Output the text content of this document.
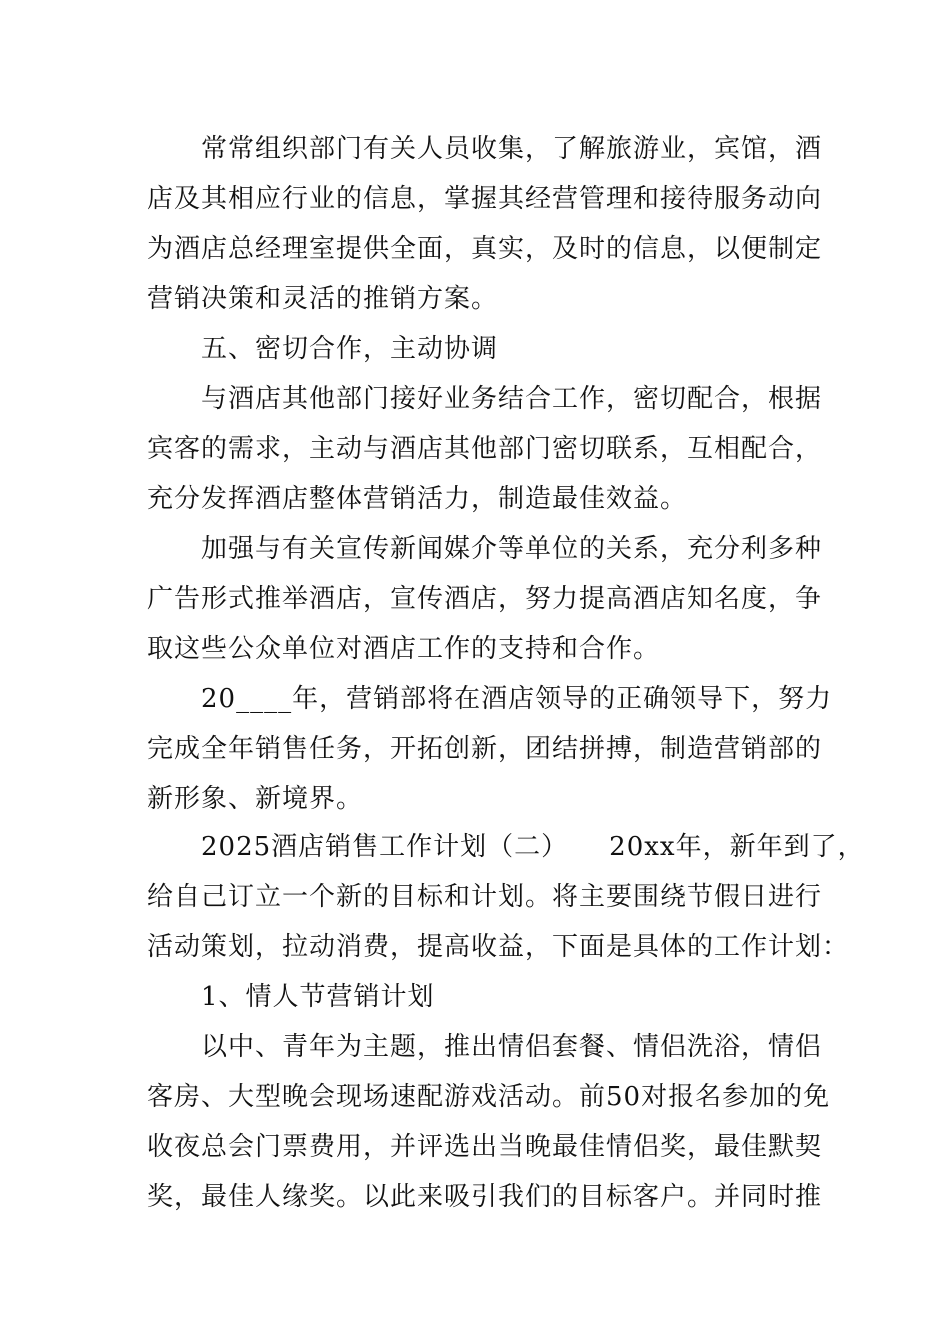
　　常常组织部门有关人员收集，了解旅游业，宾馆，酒
店及其相应行业的信息，掌握其经营管理和接待服务动向
为酒店总经理室提供全面，真实，及时的信息，以便制定
营销决策和灵活的推销方案。
　　五、密切合作，主动协调
　　与酒店其他部门接好业务结合工作，密切配合，根据
宾客的需求，主动与酒店其他部门密切联系，互相配合，
充分发挥酒店整体营销活力，制造最佳效益。
　　加强与有关宣传新闻媒介等单位的关系，充分利多种
广告形式推举酒店，宣传酒店，努力提高酒店知名度，争
取这些公众单位对酒店工作的支持和合作。
　　20____年，营销部将在酒店领导的正确领导下，努力
完成全年销售任务，开拓创新，团结拼搏，制造营销部的
新形象、新境界。
　　2025酒店销售工作计划（二）　　20xx年，新年到了，
给自己订立一个新的目标和计划。将主要围绕节假日进行
活动策划，拉动消费，提高收益，下面是具体的工作计划：
　　1、情人节营销计划
　　以中、青年为主题，推出情侣套餐、情侣洗浴，情侣
客房、大型晚会现场速配游戏活动。前50对报名参加的免
收夜总会门票费用，并评选出当晚最佳情侣奖，最佳默契
奖，最佳人缘奖。以此来吸引我们的目标客户。并同时推
